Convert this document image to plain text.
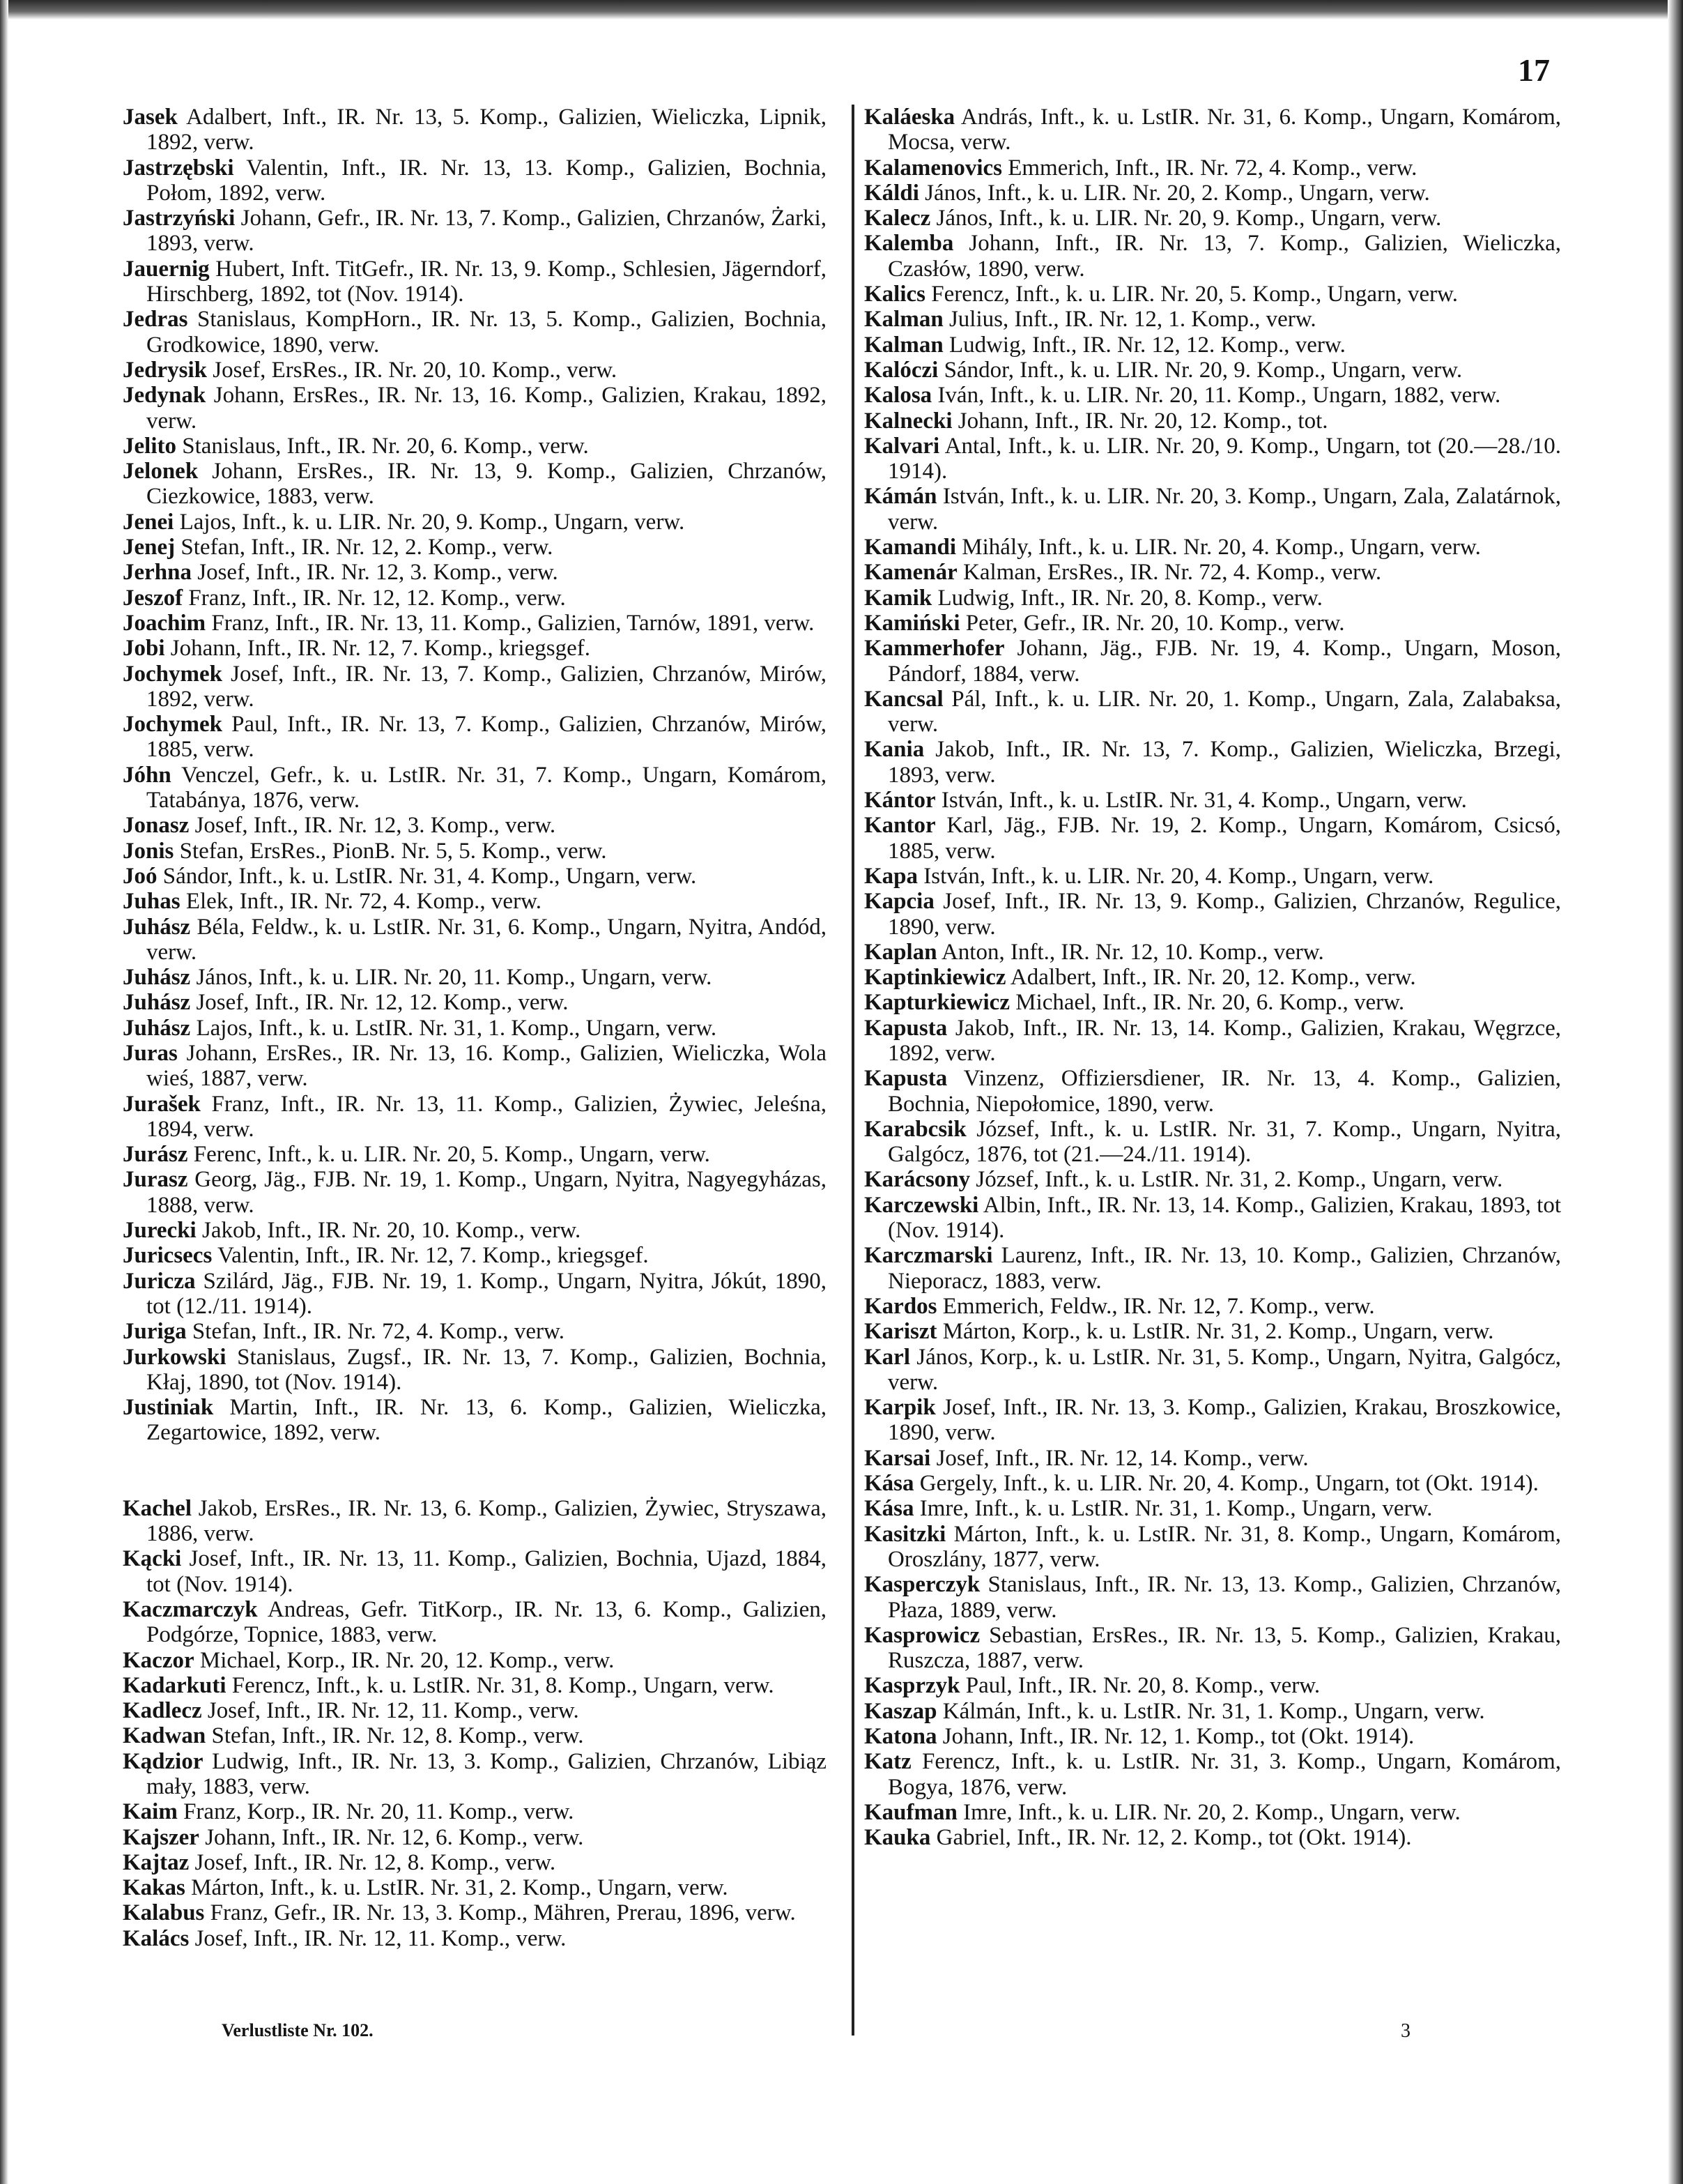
17

Jasek Adalbert, Inft., IR. Nr. 13, 5. Komp., Galizien, Wieliczka, Lipnik, 1892, verw.

Jastrzębski Valentin, Inft., IR. Nr. 13, 13. Komp., Galizien, Bochnia, Połom, 1892, verw.

Jastrzyński Johann, Gefr., IR. Nr. 13, 7. Komp., Galizien, Chrzanów, Żarki, 1893, verw.

Jauernig Hubert, Inft. TitGefr., IR. Nr. 13, 9. Komp., Schlesien, Jägerndorf, Hirschberg, 1892, tot (Nov. 1914).

Jedras Stanislaus, KompHorn., IR. Nr. 13, 5. Komp., Galizien, Bochnia, Grodkowice, 1890, verw.

Jedrysik Josef, ErsRes., IR. Nr. 20, 10. Komp., verw.

Jedynak Johann, ErsRes., IR. Nr. 13, 16. Komp., Galizien, Krakau, 1892, verw.

Jelito Stanislaus, Inft., IR. Nr. 20, 6. Komp., verw.

Jelonek Johann, ErsRes., IR. Nr. 13, 9. Komp., Galizien, Chrzanów, Ciezkowice, 1883, verw.

Jenei Lajos, Inft., k. u. LIR. Nr. 20, 9. Komp., Ungarn, verw.

Jenej Stefan, Inft., IR. Nr. 12, 2. Komp., verw.

Jerhna Josef, Inft., IR. Nr. 12, 3. Komp., verw.

Jeszof Franz, Inft., IR. Nr. 12, 12. Komp., verw.

Joachim Franz, Inft., IR. Nr. 13, 11. Komp., Galizien, Tarnów, 1891, verw.

Jobi Johann, Inft., IR. Nr. 12, 7. Komp., kriegsgef.

Jochymek Josef, Inft., IR. Nr. 13, 7. Komp., Galizien, Chrzanów, Mirów, 1892, verw.

Jochymek Paul, Inft., IR. Nr. 13, 7. Komp., Galizien, Chrzanów, Mirów, 1885, verw.

Jóhn Venczel, Gefr., k. u. LstIR. Nr. 31, 7. Komp., Ungarn, Komárom, Tatabánya, 1876, verw.

Jonasz Josef, Inft., IR. Nr. 12, 3. Komp., verw.

Jonis Stefan, ErsRes., PionB. Nr. 5, 5. Komp., verw.

Joó Sándor, Inft., k. u. LstIR. Nr. 31, 4. Komp., Ungarn, verw.

Juhas Elek, Inft., IR. Nr. 72, 4. Komp., verw.

Juhász Béla, Feldw., k. u. LstIR. Nr. 31, 6. Komp., Ungarn, Nyitra, Andód, verw.

Juhász János, Inft., k. u. LIR. Nr. 20, 11. Komp., Ungarn, verw.

Juhász Josef, Inft., IR. Nr. 12, 12. Komp., verw.

Juhász Lajos, Inft., k. u. LstIR. Nr. 31, 1. Komp., Ungarn, verw.

Juras Johann, ErsRes., IR. Nr. 13, 16. Komp., Galizien, Wieliczka, Wola wieś, 1887, verw.

Jurašek Franz, Inft., IR. Nr. 13, 11. Komp., Galizien, Żywiec, Jeleśna, 1894, verw.

Jurász Ferenc, Inft., k. u. LIR. Nr. 20, 5. Komp., Ungarn, verw.

Jurasz Georg, Jäg., FJB. Nr. 19, 1. Komp., Ungarn, Nyitra, Nagyegyházas, 1888, verw.

Jurecki Jakob, Inft., IR. Nr. 20, 10. Komp., verw.

Juricsecs Valentin, Inft., IR. Nr. 12, 7. Komp., kriegsgef.

Juricza Szilárd, Jäg., FJB. Nr. 19, 1. Komp., Ungarn, Nyitra, Jókút, 1890, tot (12./11. 1914).

Juriga Stefan, Inft., IR. Nr. 72, 4. Komp., verw.

Jurkowski Stanislaus, Zugsf., IR. Nr. 13, 7. Komp., Galizien, Bochnia, Kłaj, 1890, tot (Nov. 1914).

Justiniak Martin, Inft., IR. Nr. 13, 6. Komp., Galizien, Wieliczka, Zegartowice, 1892, verw.

Kachel Jakob, ErsRes., IR. Nr. 13, 6. Komp., Galizien, Żywiec, Stryszawa, 1886, verw.

Kącki Josef, Inft., IR. Nr. 13, 11. Komp., Galizien, Bochnia, Ujazd, 1884, tot (Nov. 1914).

Kaczmarczyk Andreas, Gefr. TitKorp., IR. Nr. 13, 6. Komp., Galizien, Podgórze, Topnice, 1883, verw.

Kaczor Michael, Korp., IR. Nr. 20, 12. Komp., verw.

Kadarkuti Ferencz, Inft., k. u. LstIR. Nr. 31, 8. Komp., Ungarn, verw.

Kadlecz Josef, Inft., IR. Nr. 12, 11. Komp., verw.

Kadwan Stefan, Inft., IR. Nr. 12, 8. Komp., verw.

Kądzior Ludwig, Inft., IR. Nr. 13, 3. Komp., Galizien, Chrzanów, Libiąz mały, 1883, verw.

Kaim Franz, Korp., IR. Nr. 20, 11. Komp., verw.

Kajszer Johann, Inft., IR. Nr. 12, 6. Komp., verw.

Kajtaz Josef, Inft., IR. Nr. 12, 8. Komp., verw.

Kakas Márton, Inft., k. u. LstIR. Nr. 31, 2. Komp., Ungarn, verw.

Kalabus Franz, Gefr., IR. Nr. 13, 3. Komp., Mähren, Prerau, 1896, verw.

Kalács Josef, Inft., IR. Nr. 12, 11. Komp., verw.

Kaláeska András, Inft., k. u. LstIR. Nr. 31, 6. Komp., Ungarn, Komárom, Mocsa, verw.

Kalamenovics Emmerich, Inft., IR. Nr. 72, 4. Komp., verw.

Káldi János, Inft., k. u. LIR. Nr. 20, 2. Komp., Ungarn, verw.

Kalecz János, Inft., k. u. LIR. Nr. 20, 9. Komp., Ungarn, verw.

Kalemba Johann, Inft., IR. Nr. 13, 7. Komp., Galizien, Wieliczka, Czasłów, 1890, verw.

Kalics Ferencz, Inft., k. u. LIR. Nr. 20, 5. Komp., Ungarn, verw.

Kalman Julius, Inft., IR. Nr. 12, 1. Komp., verw.

Kalman Ludwig, Inft., IR. Nr. 12, 12. Komp., verw.

Kalóczi Sándor, Inft., k. u. LIR. Nr. 20, 9. Komp., Ungarn, verw.

Kalosa Iván, Inft., k. u. LIR. Nr. 20, 11. Komp., Ungarn, 1882, verw.

Kalnecki Johann, Inft., IR. Nr. 20, 12. Komp., tot.

Kalvari Antal, Inft., k. u. LIR. Nr. 20, 9. Komp., Ungarn, tot (20.—28./10. 1914).

Kámán István, Inft., k. u. LIR. Nr. 20, 3. Komp., Ungarn, Zala, Zalatárnok, verw.

Kamandi Mihály, Inft., k. u. LIR. Nr. 20, 4. Komp., Ungarn, verw.

Kamenár Kalman, ErsRes., IR. Nr. 72, 4. Komp., verw.

Kamik Ludwig, Inft., IR. Nr. 20, 8. Komp., verw.

Kamiński Peter, Gefr., IR. Nr. 20, 10. Komp., verw.

Kammerhofer Johann, Jäg., FJB. Nr. 19, 4. Komp., Ungarn, Moson, Pándorf, 1884, verw.

Kancsal Pál, Inft., k. u. LIR. Nr. 20, 1. Komp., Ungarn, Zala, Zalabaksa, verw.

Kania Jakob, Inft., IR. Nr. 13, 7. Komp., Galizien, Wieliczka, Brzegi, 1893, verw.

Kántor István, Inft., k. u. LstIR. Nr. 31, 4. Komp., Ungarn, verw.

Kantor Karl, Jäg., FJB. Nr. 19, 2. Komp., Ungarn, Komárom, Csicsó, 1885, verw.

Kapa István, Inft., k. u. LIR. Nr. 20, 4. Komp., Ungarn, verw.

Kapcia Josef, Inft., IR. Nr. 13, 9. Komp., Galizien, Chrzanów, Regulice, 1890, verw.

Kaplan Anton, Inft., IR. Nr. 12, 10. Komp., verw.

Kaptinkiewicz Adalbert, Inft., IR. Nr. 20, 12. Komp., verw.

Kapturkiewicz Michael, Inft., IR. Nr. 20, 6. Komp., verw.

Kapusta Jakob, Inft., IR. Nr. 13, 14. Komp., Galizien, Krakau, Węgrzce, 1892, verw.

Kapusta Vinzenz, Offiziersdiener, IR. Nr. 13, 4. Komp., Galizien, Bochnia, Niepołomice, 1890, verw.

Karabcsik József, Inft., k. u. LstIR. Nr. 31, 7. Komp., Ungarn, Nyitra, Galgócz, 1876, tot (21.—24./11. 1914).

Karácsony József, Inft., k. u. LstIR. Nr. 31, 2. Komp., Ungarn, verw.

Karczewski Albin, Inft., IR. Nr. 13, 14. Komp., Galizien, Krakau, 1893, tot (Nov. 1914).

Karczmarski Laurenz, Inft., IR. Nr. 13, 10. Komp., Galizien, Chrzanów, Nieporacz, 1883, verw.

Kardos Emmerich, Feldw., IR. Nr. 12, 7. Komp., verw.

Kariszt Márton, Korp., k. u. LstIR. Nr. 31, 2. Komp., Ungarn, verw.

Karl János, Korp., k. u. LstIR. Nr. 31, 5. Komp., Ungarn, Nyitra, Galgócz, verw.

Karpik Josef, Inft., IR. Nr. 13, 3. Komp., Galizien, Krakau, Broszkowice, 1890, verw.

Karsai Josef, Inft., IR. Nr. 12, 14. Komp., verw.

Kása Gergely, Inft., k. u. LIR. Nr. 20, 4. Komp., Ungarn, tot (Okt. 1914).

Kása Imre, Inft., k. u. LstIR. Nr. 31, 1. Komp., Ungarn, verw.

Kasitzki Márton, Inft., k. u. LstIR. Nr. 31, 8. Komp., Ungarn, Komárom, Oroszlány, 1877, verw.

Kasperczyk Stanislaus, Inft., IR. Nr. 13, 13. Komp., Galizien, Chrzanów, Płaza, 1889, verw.

Kasprowicz Sebastian, ErsRes., IR. Nr. 13, 5. Komp., Galizien, Krakau, Ruszcza, 1887, verw.

Kasprzyk Paul, Inft., IR. Nr. 20, 8. Komp., verw.

Kaszap Kálmán, Inft., k. u. LstIR. Nr. 31, 1. Komp., Ungarn, verw.

Katona Johann, Inft., IR. Nr. 12, 1. Komp., tot (Okt. 1914).

Katz Ferencz, Inft., k. u. LstIR. Nr. 31, 3. Komp., Ungarn, Komárom, Bogya, 1876, verw.

Kaufman Imre, Inft., k. u. LIR. Nr. 20, 2. Komp., Ungarn, verw.

Kauka Gabriel, Inft., IR. Nr. 12, 2. Komp., tot (Okt. 1914).

Verlustliste Nr. 102.	3
